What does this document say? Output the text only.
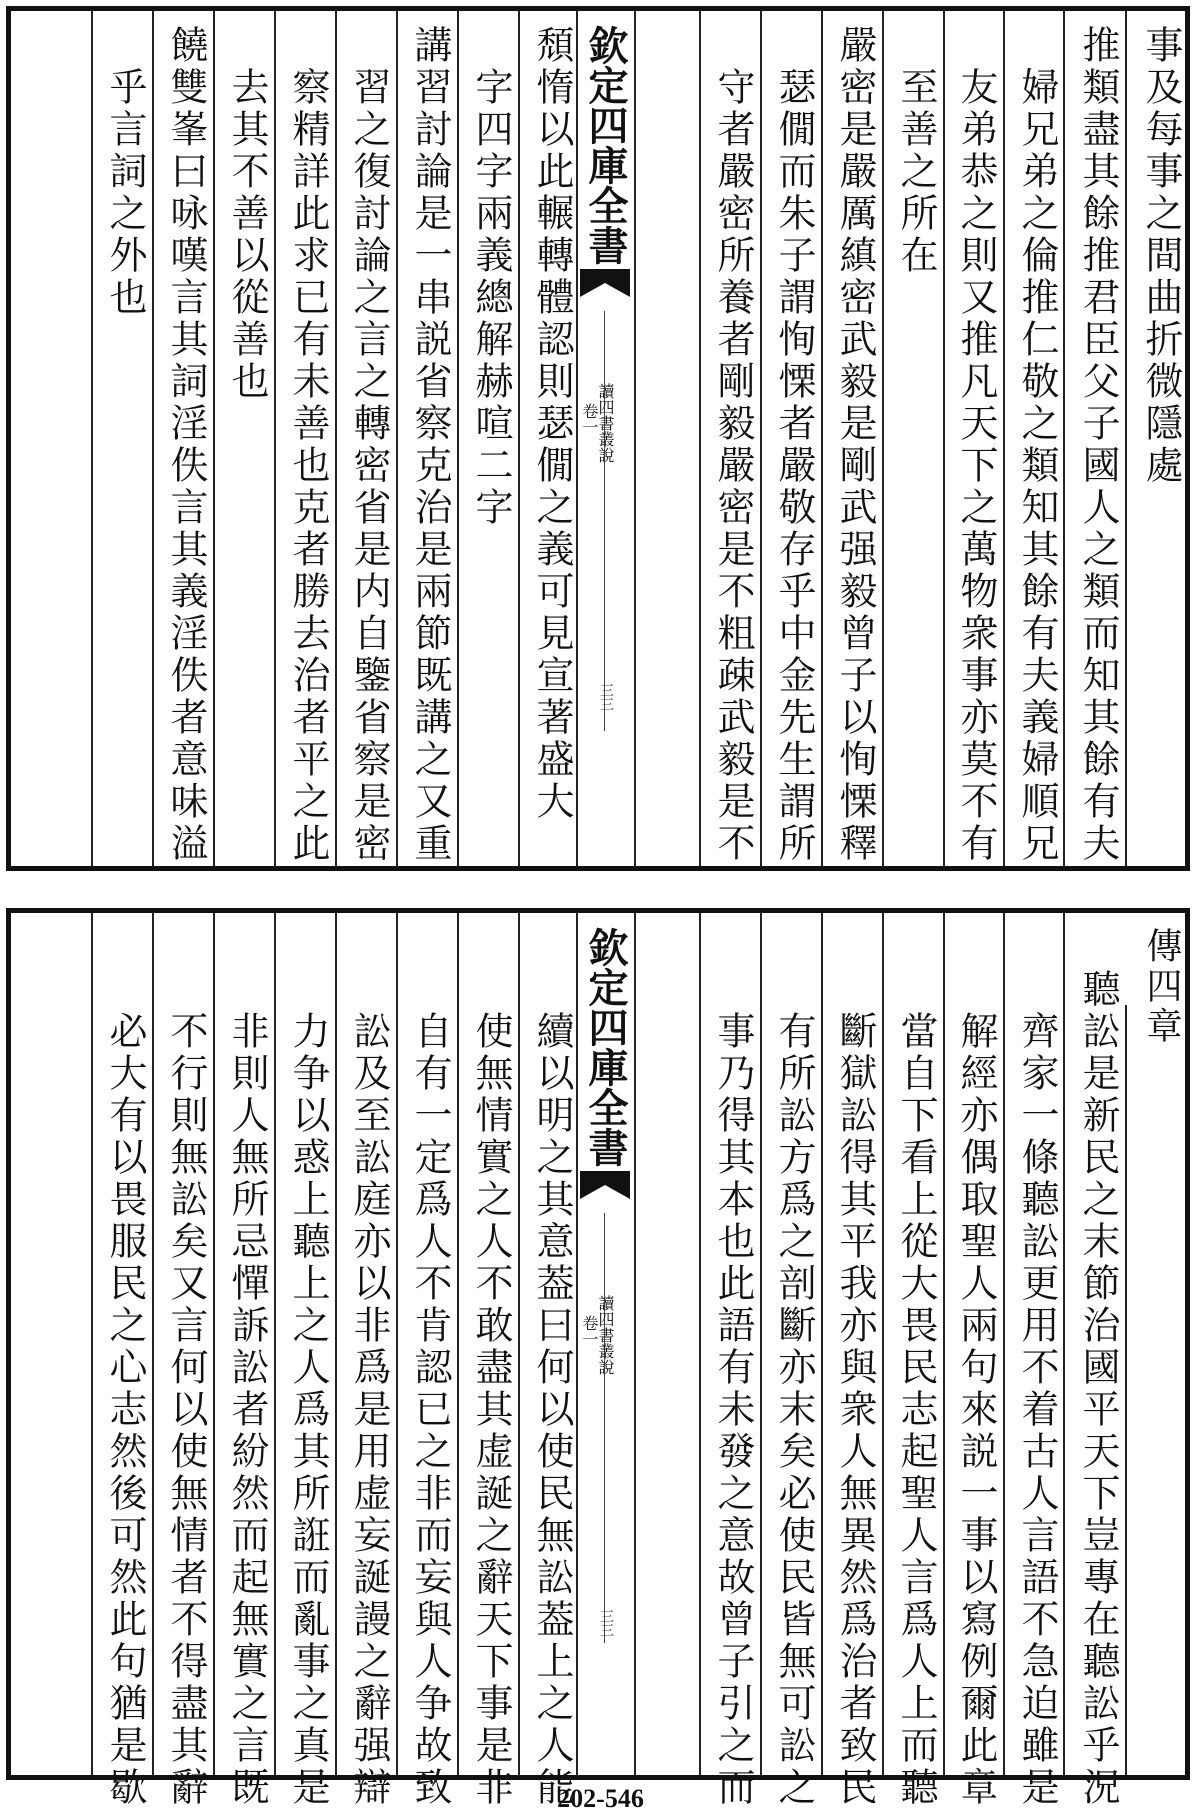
事及每事之間曲折微隱處
推類盡其餘推君臣父子國人之類而知其餘有夫
婦兄弟之倫推仁敬之類知其餘有夫義婦順兄
友弟恭之則又推凡天下之萬物衆事亦莫不有
至善之所在
嚴密是嚴厲縝密武毅是剛武强毅曾子以恂慄釋
瑟僩而朱子謂恂慄者嚴敬存乎中金先生謂所
守者嚴密所養者剛毅嚴密是不粗疎武毅是不
欽定四庫全書
讀四書叢說
卷一
三三
頹惰以此輾轉體認則瑟僩之義可見宣著盛大
字四字兩義總解赫喧二字
講習討論是一串説省察克治是兩節既講之又重
習之復討論之言之轉密省是内自鑒省察是密
察精詳此求已有未善也克者勝去治者平之此
去其不善以從善也
饒雙峯曰咏嘆言其詞淫佚言其義淫佚者意味溢
乎言詞之外也
傳四章
聽訟是新民之末節治國平天下豈專在聽訟乎況
齊家一條聽訟更用不着古人言語不急迫雖是
解經亦偶取聖人兩句來説一事以寫例爾此章
當自下看上從大畏民志起聖人言爲人上而聽
斷獄訟得其平我亦與衆人無異然爲治者致民
有所訟方爲之剖斷亦末矣必使民皆無可訟之
事乃得其本也此語有未發之意故曾子引之而
欽定四庫全書
讀四書叢說
卷一
三三
續以明之其意葢曰何以使民無訟葢上之人能
使無情實之人不敢盡其虚誕之辭天下事是非
自有一定爲人不肯認已之非而妄與人争故致
訟及至訟庭亦以非爲是用虚妄誕謾之辭强辯
力争以惑上聽上之人爲其所誑而亂事之真是
非則人無所忌憚訴訟者紛然而起無實之言既
不行則無訟矣又言何以使無情者不得盡其辭
必大有以畏服民之心志然後可然此句猶是歇	202-546
